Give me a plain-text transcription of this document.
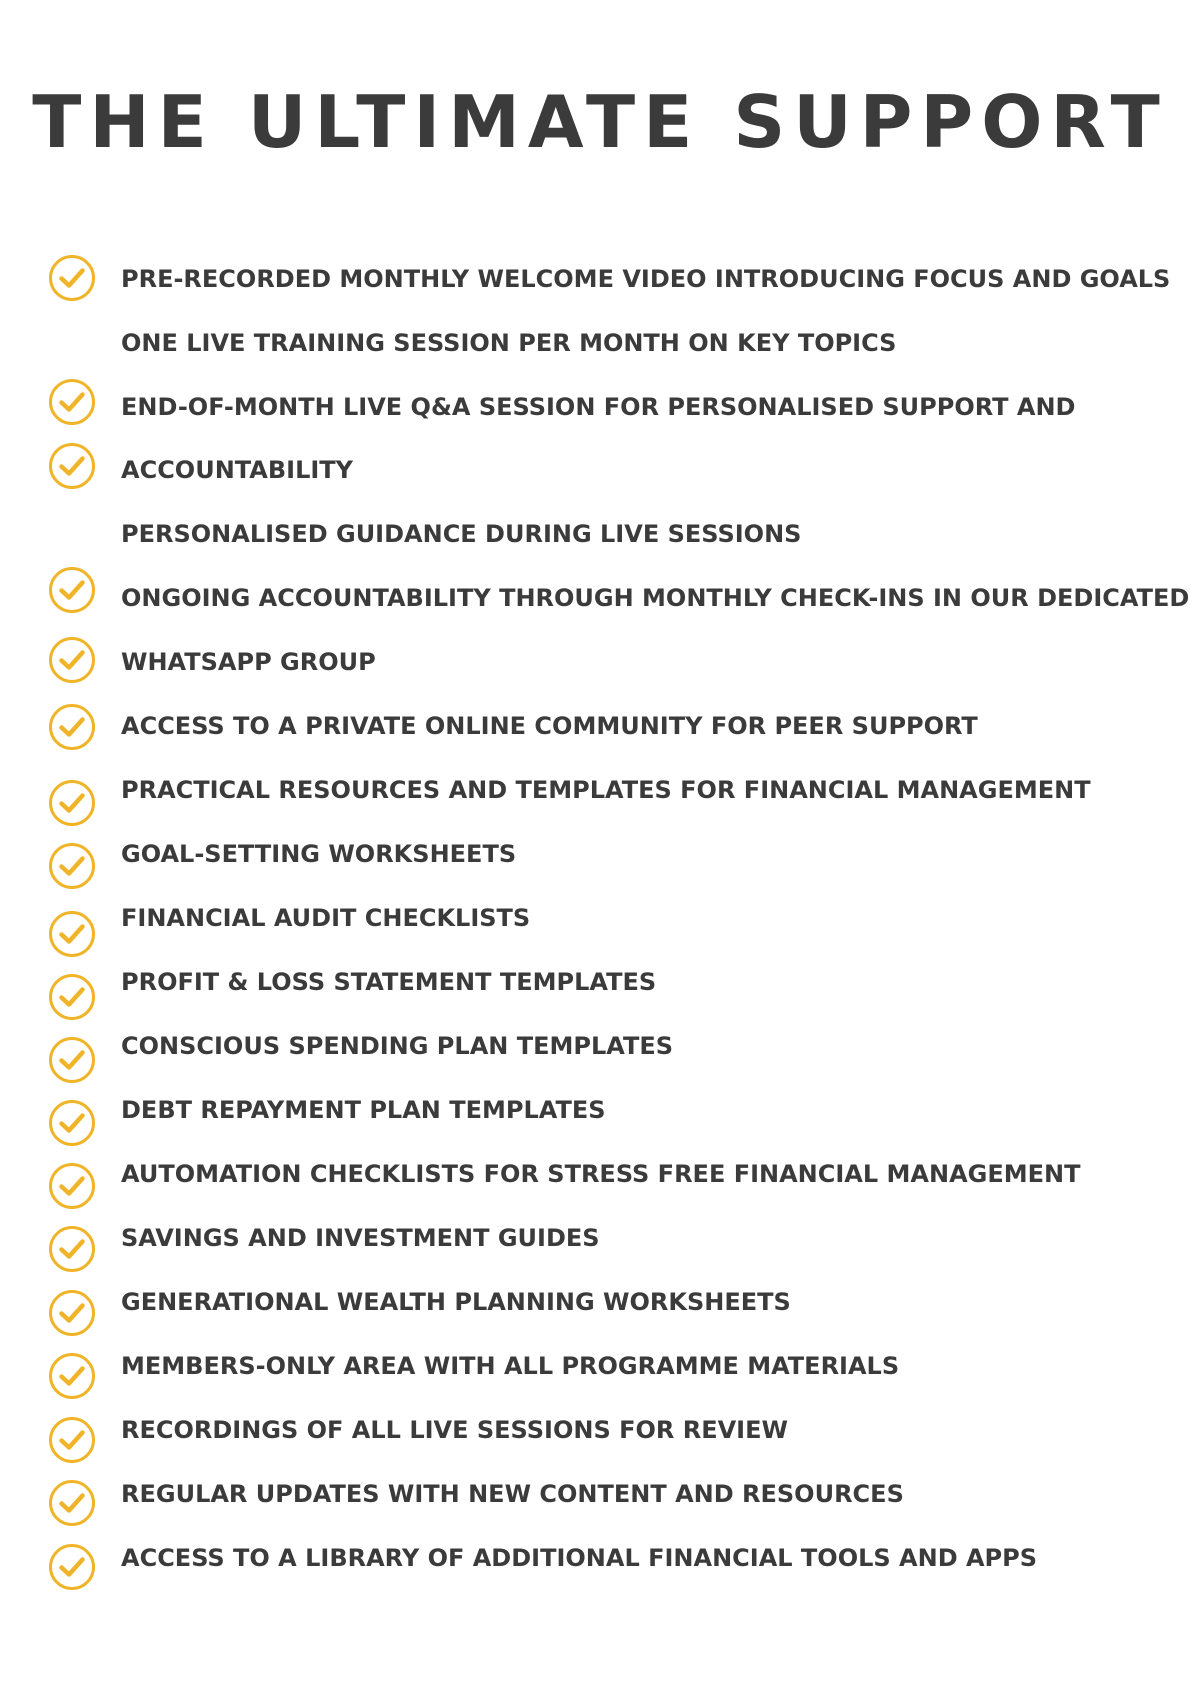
THE ULTIMATE SUPPORT
PRE-RECORDED MONTHLY WELCOME VIDEO INTRODUCING FOCUS AND GOALS
ONE LIVE TRAINING SESSION PER MONTH ON KEY TOPICS
END-OF-MONTH LIVE Q&A SESSION FOR PERSONALISED SUPPORT AND
ACCOUNTABILITY
PERSONALISED GUIDANCE DURING LIVE SESSIONS
ONGOING ACCOUNTABILITY THROUGH MONTHLY CHECK-INS IN OUR DEDICATED
WHATSAPP GROUP
ACCESS TO A PRIVATE ONLINE COMMUNITY FOR PEER SUPPORT
PRACTICAL RESOURCES AND TEMPLATES FOR FINANCIAL MANAGEMENT
GOAL-SETTING WORKSHEETS
FINANCIAL AUDIT CHECKLISTS
PROFIT & LOSS STATEMENT TEMPLATES
CONSCIOUS SPENDING PLAN TEMPLATES
DEBT REPAYMENT PLAN TEMPLATES
AUTOMATION CHECKLISTS FOR STRESS FREE FINANCIAL MANAGEMENT
SAVINGS AND INVESTMENT GUIDES
GENERATIONAL WEALTH PLANNING WORKSHEETS
MEMBERS-ONLY AREA WITH ALL PROGRAMME MATERIALS
RECORDINGS OF ALL LIVE SESSIONS FOR REVIEW
REGULAR UPDATES WITH NEW CONTENT AND RESOURCES
ACCESS TO A LIBRARY OF ADDITIONAL FINANCIAL TOOLS AND APPS
